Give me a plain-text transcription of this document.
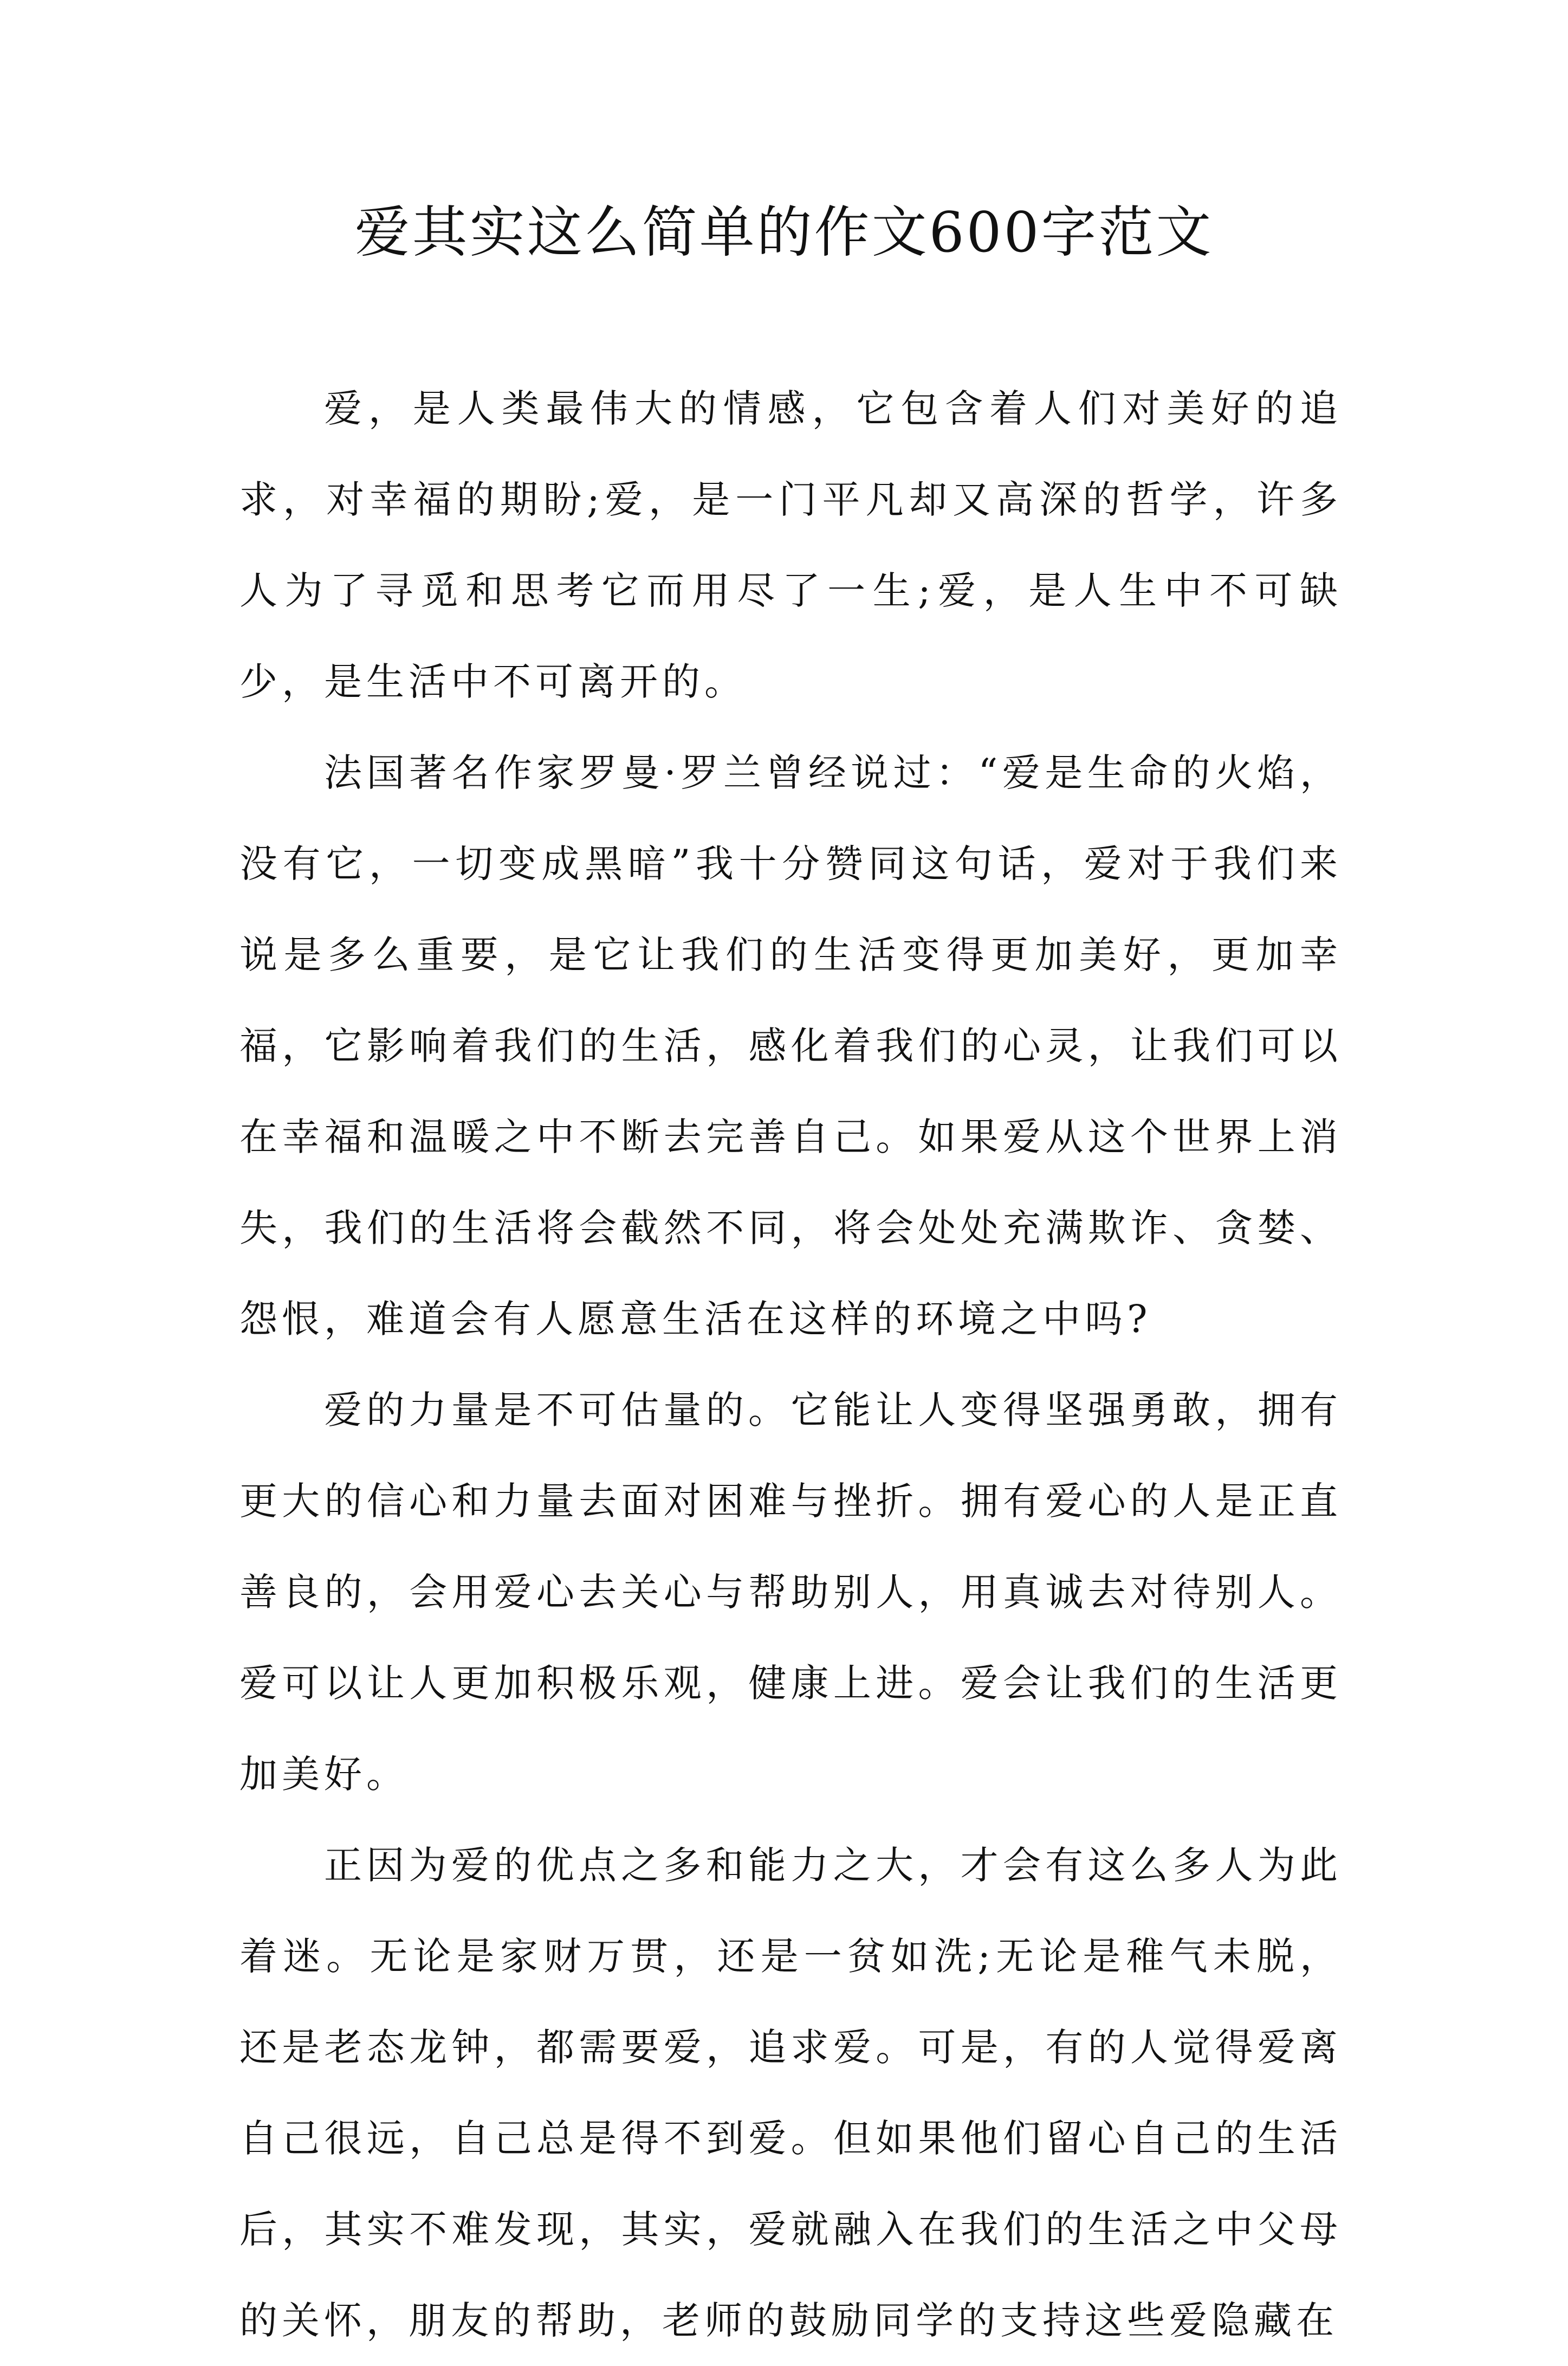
爱其实这么简单的作文600字范文

爱，是人类最伟大的情感，它包含着人们对美好的追求，对幸福的期盼;爱，是一门平凡却又高深的哲学，许多人为了寻觅和思考它而用尽了一生;爱，是人生中不可缺少，是生活中不可离开的。

法国著名作家罗曼·罗兰曾经说过：“爱是生命的火焰，没有它，一切变成黑暗”我十分赞同这句话，爱对于我们来说是多么重要，是它让我们的生活变得更加美好，更加幸福，它影响着我们的生活，感化着我们的心灵，让我们可以在幸福和温暖之中不断去完善自己。如果爱从这个世界上消失，我们的生活将会截然不同，将会处处充满欺诈、贪婪、怨恨，难道会有人愿意生活在这样的环境之中吗?

爱的力量是不可估量的。它能让人变得坚强勇敢，拥有更大的信心和力量去面对困难与挫折。拥有爱心的人是正直善良的，会用爱心去关心与帮助别人，用真诚去对待别人。爱可以让人更加积极乐观，健康上进。爱会让我们的生活更加美好。

正因为爱的优点之多和能力之大，才会有这么多人为此着迷。无论是家财万贯，还是一贫如洗;无论是稚气未脱，还是老态龙钟，都需要爱，追求爱。可是，有的人觉得爱离自己很远，自己总是得不到爱。但如果他们留心自己的生活后，其实不难发现，其实，爱就融入在我们的生活之中父母的关怀，朋友的帮助，老师的鼓励同学的支持这些爱隐藏在
